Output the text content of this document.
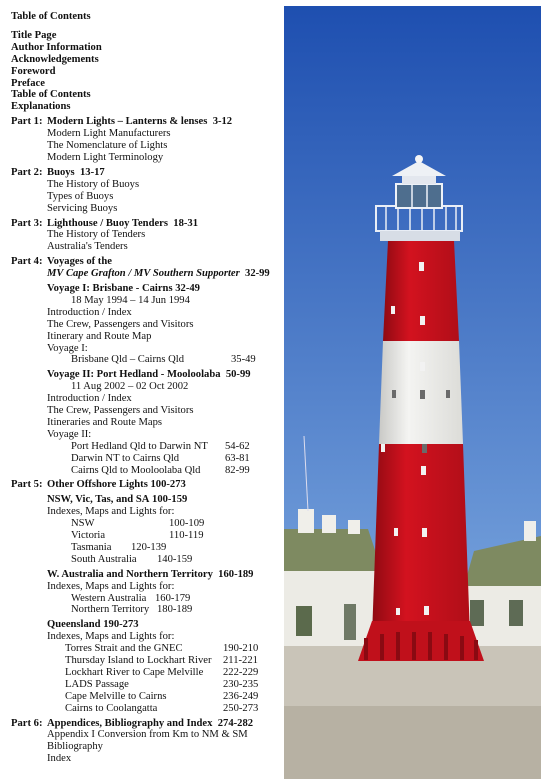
Table of Contents
Title Page
Author Information
Acknowledgements
Foreword
Preface
Table of Contents
Explanations
Part 1: Modern Lights – Lanterns & lenses 3-12
Modern Light Manufacturers
The Nomenclature of Lights
Modern Light Terminology
Part 2: Buoys 13-17
The History of Buoys
Types of Buoys
Servicing Buoys
Part 3: Lighthouse / Buoy Tenders 18-31
The History of Tenders
Australia's Tenders
Part 4: Voyages of the
MV Cape Grafton / MV Southern Supporter 32-99
Voyage I: Brisbane - Cairns 32-49
18 May 1994 – 14 Jun 1994
Introduction / Index
The Crew, Passengers and Visitors
Itinerary and Route Map
Voyage I:
Brisbane Qld – Cairns Qld	35-49
Voyage II: Port Hedland - Mooloolaba 50-99
11 Aug 2002 – 02 Oct 2002
Introduction / Index
The Crew, Passengers and Visitors
Itineraries and Route Maps
Voyage II:
Port Hedland Qld to Darwin NT 54-62
Darwin NT to Cairns Qld	63-81
Cairns Qld to Mooloolaba Qld 82-99
Part 5: Other Offshore Lights 100-273
NSW, Vic, Tas, and SA 100-159
Indexes, Maps and Lights for:
NSW	100-109
Victoria	110-119
Tasmania 120-139
South Australia 140-159
W. Australia and Northern Territory 160-189
Indexes, Maps and Lights for:
Western Australia 160-179
Northern Territory 180-189
Queensland 190-273
Indexes, Maps and Lights for:
Torres Strait and the GNEC	190-210
Thursday Island to Lockhart River 211-221
Lockhart River to Cape Melville 222-229
LADS Passage	230-235
Cape Melville to Cairns	236-249
Cairns to Coolangatta	250-273
Part 6: Appendices, Bibliography and Index 274-282
Appendix I Conversion from Km to NM & SM
Bibliography
Index
